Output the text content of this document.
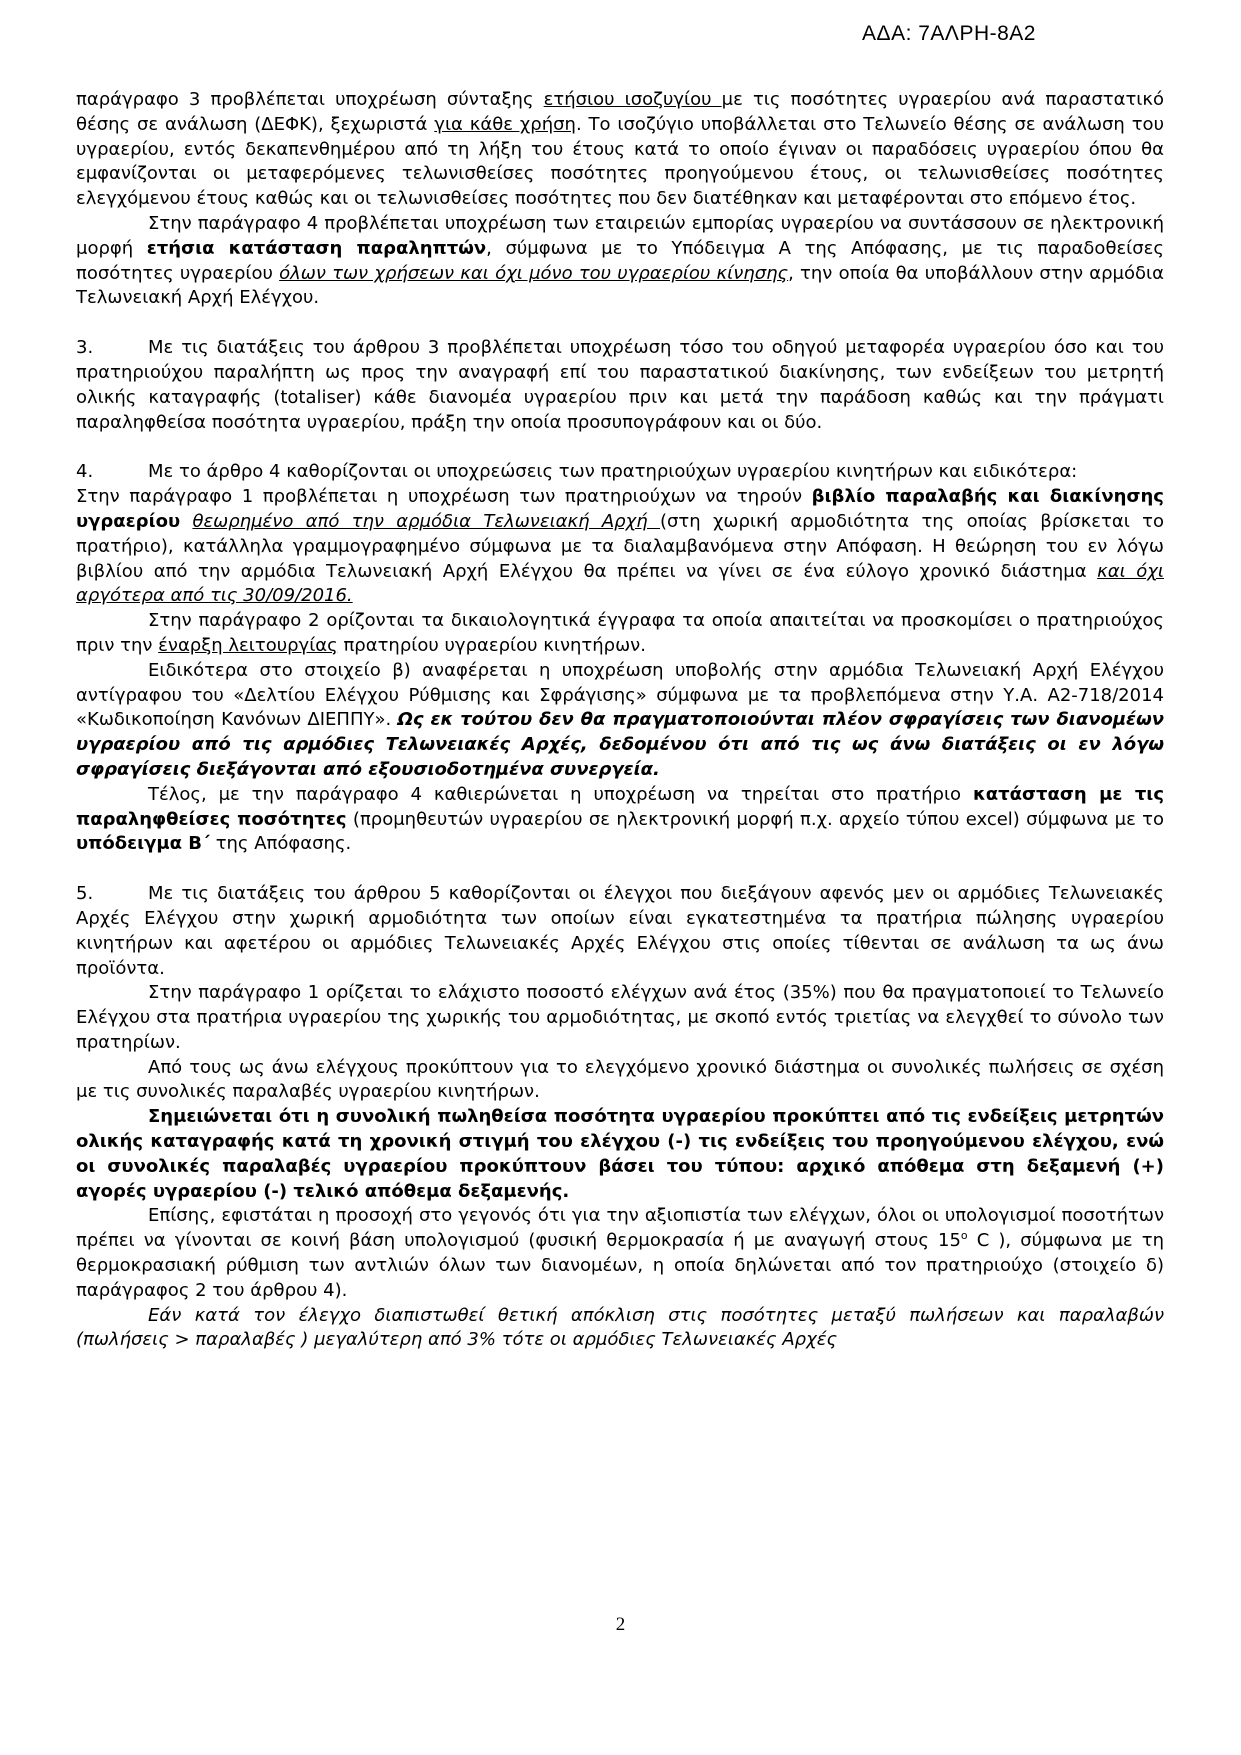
ΑΔΑ: 7ΑΛΡΗ-8Α2

παράγραφο 3 προβλέπεται υποχρέωση σύνταξης ετήσιου ισοζυγίου με τις ποσότητες υγραερίου ανά παραστατικό θέσης σε ανάλωση (ΔΕΦΚ), ξεχωριστά για κάθε χρήση. Το ισοζύγιο υποβάλλεται στο Τελωνείο θέσης σε ανάλωση του υγραερίου, εντός δεκαπενθημέρου από τη λήξη του έτους κατά το οποίο έγιναν οι παραδόσεις υγραερίου όπου θα εμφανίζονται οι μεταφερόμενες τελωνισθείσες ποσότητες προηγούμενου έτους, οι τελωνισθείσες ποσότητες ελεγχόμενου έτους καθώς και οι τελωνισθείσες ποσότητες που δεν διατέθηκαν και μεταφέρονται στο επόμενο έτος.

Στην παράγραφο 4 προβλέπεται υποχρέωση των εταιρειών εμπορίας υγραερίου να συντάσσουν σε ηλεκτρονική μορφή ετήσια κατάσταση παραληπτών, σύμφωνα με το Υπόδειγμα Α της Απόφασης, με τις παραδοθείσες ποσότητες υγραερίου όλων των χρήσεων και όχι μόνο του υγραερίου κίνησης, την οποία θα υποβάλλουν στην αρμόδια Τελωνειακή Αρχή Ελέγχου.

3.	Με τις διατάξεις του άρθρου 3 προβλέπεται υποχρέωση τόσο του οδηγού μεταφορέα υγραερίου όσο και του πρατηριούχου παραλήπτη ως προς την αναγραφή επί του παραστατικού διακίνησης, των ενδείξεων του μετρητή ολικής καταγραφής (totaliser) κάθε διανομέα υγραερίου πριν και μετά την παράδοση καθώς και την πράγματι παραληφθείσα ποσότητα υγραερίου, πράξη την οποία προσυπογράφουν και οι δύο.

4.	Με το άρθρο 4 καθορίζονται οι υποχρεώσεις των πρατηριούχων υγραερίου κινητήρων και ειδικότερα:

Στην παράγραφο 1 προβλέπεται η υποχρέωση των πρατηριούχων να τηρούν βιβλίο παραλαβής και διακίνησης υγραερίου θεωρημένο από την αρμόδια Τελωνειακή Αρχή (στη χωρική αρμοδιότητα της οποίας βρίσκεται το πρατήριο), κατάλληλα γραμμογραφημένο σύμφωνα με τα διαλαμβανόμενα στην Απόφαση. Η θεώρηση του εν λόγω βιβλίου από την αρμόδια Τελωνειακή Αρχή Ελέγχου θα πρέπει να γίνει σε ένα εύλογο χρονικό διάστημα και όχι αργότερα από τις 30/09/2016.

Στην παράγραφο 2 ορίζονται τα δικαιολογητικά έγγραφα τα οποία απαιτείται να προσκομίσει ο πρατηριούχος πριν την έναρξη λειτουργίας πρατηρίου υγραερίου κινητήρων.

Ειδικότερα στο στοιχείο β) αναφέρεται η υποχρέωση υποβολής στην αρμόδια Τελωνειακή Αρχή Ελέγχου αντίγραφου του «Δελτίου Ελέγχου Ρύθμισης και Σφράγισης» σύμφωνα με τα προβλεπόμενα στην Υ.Α. Α2-718/2014 «Κωδικοποίηση Κανόνων ΔΙΕΠΠΥ». Ως εκ τούτου δεν θα πραγματοποιούνται πλέον σφραγίσεις των διανομέων υγραερίου από τις αρμόδιες Τελωνειακές Αρχές, δεδομένου ότι από τις ως άνω διατάξεις οι εν λόγω σφραγίσεις διεξάγονται από εξουσιοδοτημένα συνεργεία.

Τέλος, με την παράγραφο 4 καθιερώνεται η υποχρέωση να τηρείται στο πρατήριο κατάσταση με τις παραληφθείσες ποσότητες (προμηθευτών υγραερίου σε ηλεκτρονική μορφή π.χ. αρχείο τύπου excel) σύμφωνα με το υπόδειγμα Β΄ της Απόφασης.

5.	Με τις διατάξεις του άρθρου 5 καθορίζονται οι έλεγχοι που διεξάγουν αφενός μεν οι αρμόδιες Τελωνειακές Αρχές Ελέγχου στην χωρική αρμοδιότητα των οποίων είναι εγκατεστημένα τα πρατήρια πώλησης υγραερίου κινητήρων και αφετέρου οι αρμόδιες Τελωνειακές Αρχές Ελέγχου στις οποίες τίθενται σε ανάλωση τα ως άνω προϊόντα.

Στην παράγραφο 1 ορίζεται το ελάχιστο ποσοστό ελέγχων ανά έτος (35%) που θα πραγματοποιεί το Τελωνείο Ελέγχου στα πρατήρια υγραερίου της χωρικής του αρμοδιότητας, με σκοπό εντός τριετίας να ελεγχθεί το σύνολο των πρατηρίων.

Από τους ως άνω ελέγχους προκύπτουν για το ελεγχόμενο χρονικό διάστημα οι συνολικές πωλήσεις σε σχέση με τις συνολικές παραλαβές υγραερίου κινητήρων.

Σημειώνεται ότι η συνολική πωληθείσα ποσότητα υγραερίου προκύπτει από τις ενδείξεις μετρητών ολικής καταγραφής κατά τη χρονική στιγμή του ελέγχου (-) τις ενδείξεις του προηγούμενου ελέγχου, ενώ οι συνολικές παραλαβές υγραερίου προκύπτουν βάσει του τύπου: αρχικό απόθεμα στη δεξαμενή (+) αγορές υγραερίου (-) τελικό απόθεμα δεξαμενής.

Επίσης, εφιστάται η προσοχή στο γεγονός ότι για την αξιοπιστία των ελέγχων, όλοι οι υπολογισμοί ποσοτήτων πρέπει να γίνονται σε κοινή βάση υπολογισμού (φυσική θερμοκρασία ή με αναγωγή στους 15$^o$ C ), σύμφωνα με τη θερμοκρασιακή ρύθμιση των αντλιών όλων των διανομέων, η οποία δηλώνεται από τον πρατηριούχο (στοιχείο δ) παράγραφος 2 του άρθρου 4).

Εάν κατά τον έλεγχο διαπιστωθεί θετική απόκλιση στις ποσότητες μεταξύ πωλήσεων και παραλαβών (πωλήσεις > παραλαβές ) μεγαλύτερη από 3% τότε οι αρμόδιες Τελωνειακές Αρχές

2
